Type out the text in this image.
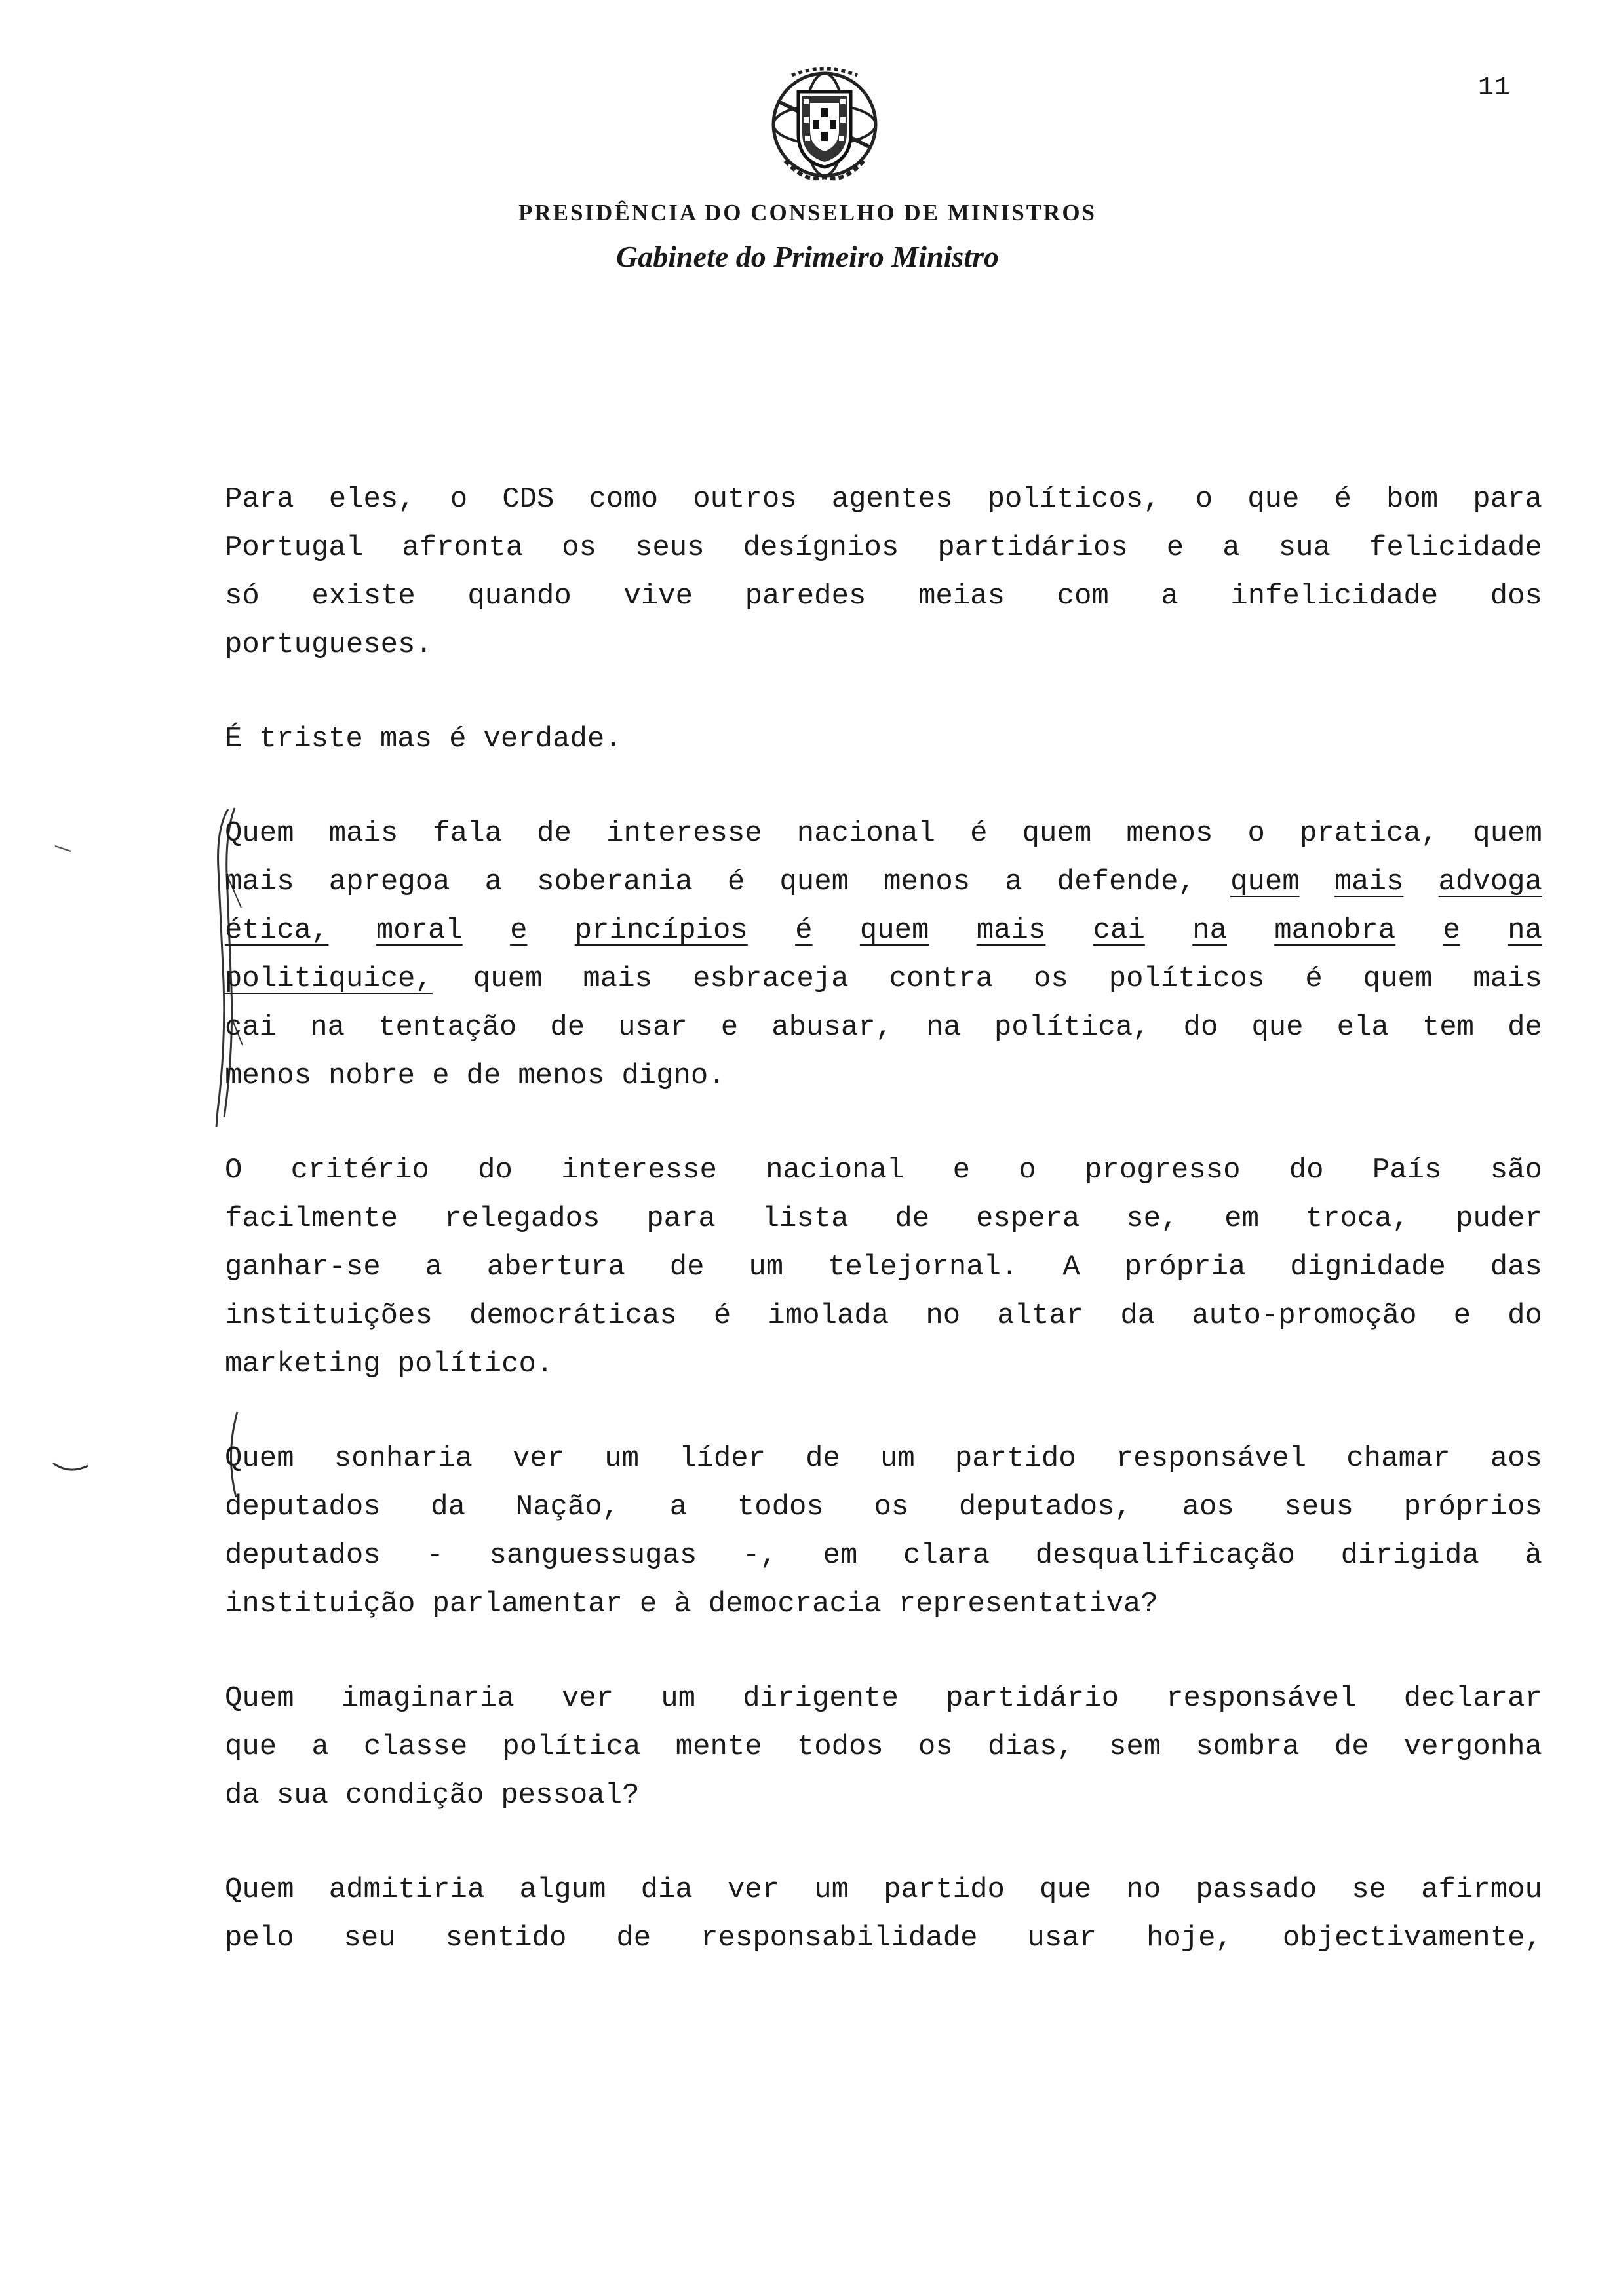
11
PRESIDÊNCIA DO CONSELHO DE MINISTROS
Gabinete do Primeiro Ministro
Para eles, o CDS como outros agentes políticos, o que é bom para
Portugal afronta os seus desígnios partidários e a sua felicidade
só existe quando vive paredes meias com a infelicidade dos
portugueses.
É triste mas é verdade.
Quem mais fala de interesse nacional é quem menos o pratica, quem
mais apregoa a soberania é quem menos a defende, quem mais advoga
ética, moral e princípios é quem mais cai na manobra e na
politiquice, quem mais esbraceja contra os políticos é quem mais
cai na tentação de usar e abusar, na política, do que ela tem de
menos nobre e de menos digno.
O critério do interesse nacional e o progresso do País são
facilmente relegados para lista de espera se, em troca, puder
ganhar-se a abertura de um telejornal. A própria dignidade das
instituições democráticas é imolada no altar da auto-promoção e do
marketing político.
Quem sonharia ver um líder de um partido responsável chamar aos
deputados da Nação, a todos os deputados, aos seus próprios
deputados - sanguessugas -, em clara desqualificação dirigida à
instituição parlamentar e à democracia representativa?
Quem imaginaria ver um dirigente partidário responsável declarar
que a classe política mente todos os dias, sem sombra de vergonha
da sua condição pessoal?
Quem admitiria algum dia ver um partido que no passado se afirmou
pelo seu sentido de responsabilidade usar hoje, objectivamente,
